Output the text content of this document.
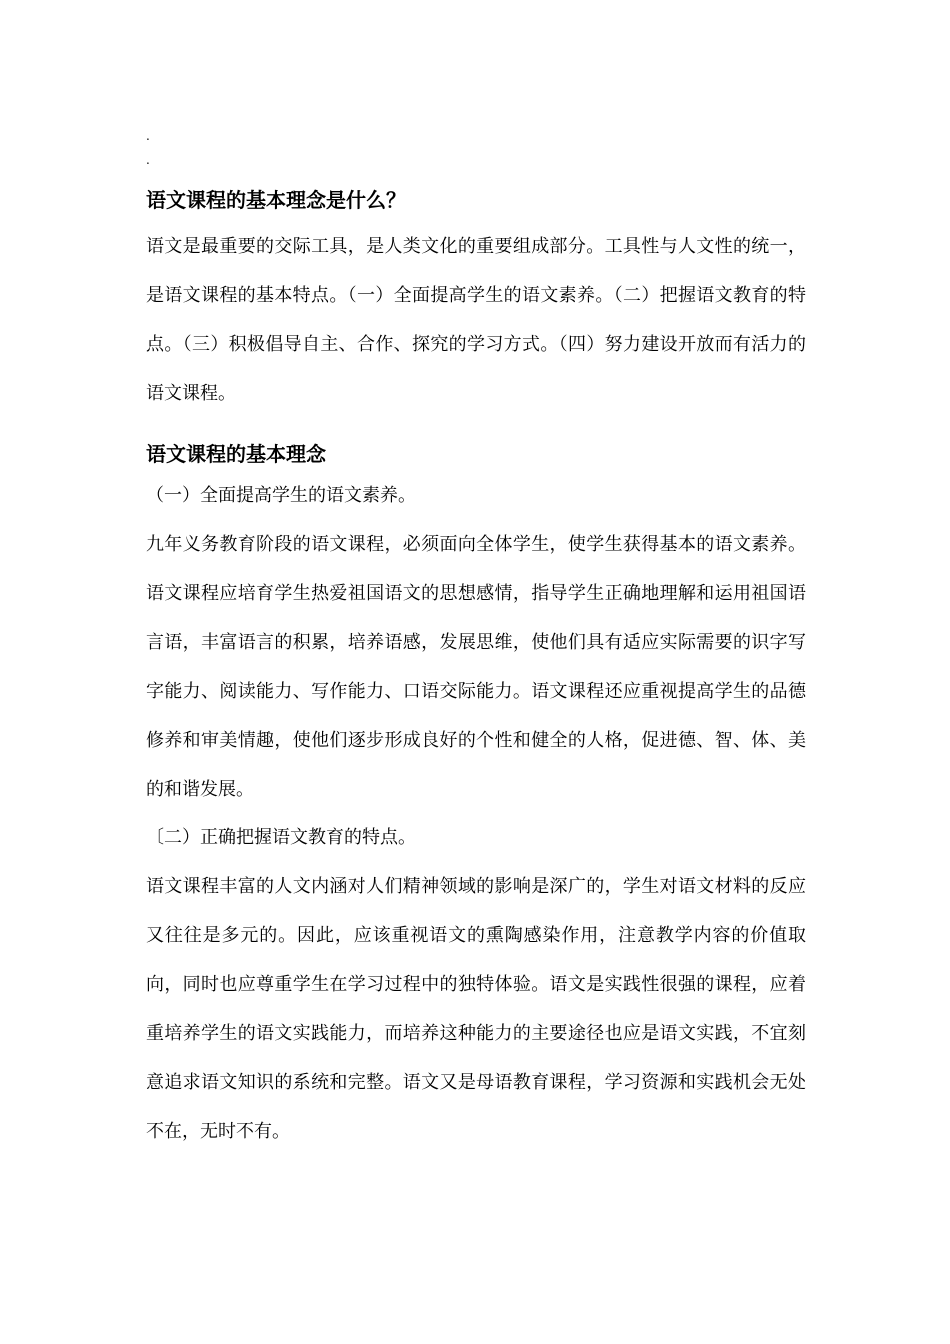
.
.
语文课程的基本理念是什么？

语文是最重要的交际工具，是人类文化的重要组成部分。工具性与人文性的统一，是语文课程的基本特点。（一）全面提高学生的语文素养。（二）把握语文教育的特点。（三）积极倡导自主、合作、探究的学习方式。（四）努力建设开放而有活力的语文课程。

语文课程的基本理念

（一）全面提高学生的语文素养。

九年义务教育阶段的语文课程，必须面向全体学生，使学生获得基本的语文素养。语文课程应培育学生热爱祖国语文的思想感情，指导学生正确地理解和运用祖国语言语，丰富语言的积累，培养语感，发展思维，使他们具有适应实际需要的识字写字能力、阅读能力、写作能力、口语交际能力。语文课程还应重视提高学生的品德修养和审美情趣，使他们逐步形成良好的个性和健全的人格，促进德、智、体、美的和谐发展。

〔二）正确把握语文教育的特点。

语文课程丰富的人文内涵对人们精神领域的影响是深广的，学生对语文材料的反应又往往是多元的。因此，应该重视语文的熏陶感染作用，注意教学内容的价值取向，同时也应尊重学生在学习过程中的独特体验。语文是实践性很强的课程，应着重培养学生的语文实践能力，而培养这种能力的主要途径也应是语文实践，不宜刻意追求语文知识的系统和完整。语文又是母语教育课程，学习资源和实践机会无处不在，无时不有。
